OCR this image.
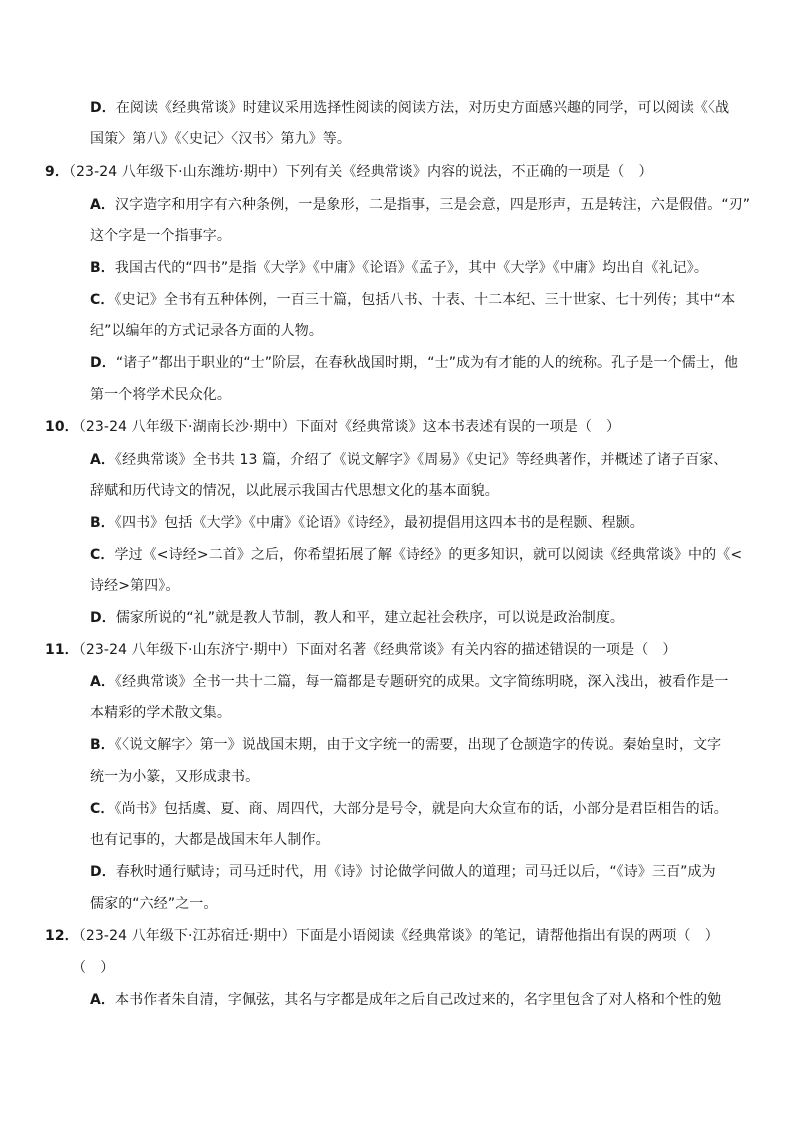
D．在阅读《经典常谈》时建议采用选择性阅读的阅读方法，对历史方面感兴趣的同学，可以阅读《〈战
国策〉第八》《〈史记〉〈汉书〉第九》等。
9．（23-24 八年级下·山东潍坊·期中）下列有关《经典常谈》内容的说法，不正确的一项是（　）
A．汉字造字和用字有六种条例，一是象形，二是指事，三是会意，四是形声，五是转注，六是假借。“刃”
这个字是一个指事字。
B．我国古代的“四书”是指《大学》《中庸》《论语》《孟子》，其中《大学》《中庸》均出自《礼记》。
C．《史记》全书有五种体例，一百三十篇，包括八书、十表、十二本纪、三十世家、七十列传；其中“本
纪”以编年的方式记录各方面的人物。
D．“诸子”都出于职业的“士”阶层，在春秋战国时期，“士”成为有才能的人的统称。孔子是一个儒士，他
第一个将学术民众化。
10．（23-24 八年级下·湖南长沙·期中）下面对《经典常谈》这本书表述有误的一项是（　）
A．《经典常谈》全书共 13 篇，介绍了《说文解字》《周易》《史记》等经典著作，并概述了诸子百家、
辞赋和历代诗文的情况，以此展示我国古代思想文化的基本面貌。
B．《四书》包括《大学》《中庸》《论语》《诗经》，最初提倡用这四本书的是程颢、程颢。
C．学过《<诗经>二首》之后，你希望拓展了解《诗经》的更多知识，就可以阅读《经典常谈》中的《<
诗经>第四》。
D．儒家所说的“礼”就是教人节制，教人和平，建立起社会秩序，可以说是政治制度。
11．（23-24 八年级下·山东济宁·期中）下面对名著《经典常谈》有关内容的描述错误的一项是（　）
A．《经典常谈》全书一共十二篇，每一篇都是专题研究的成果。文字简练明晓，深入浅出，被看作是一
本精彩的学术散文集。
B．《〈说文解字〉第一》说战国末期，由于文字统一的需要，出现了仓颉造字的传说。秦始皇时，文字
统一为小篆，又形成隶书。
C．《尚书》包括虞、夏、商、周四代，大部分是号令，就是向大众宣布的话，小部分是君臣相告的话。
也有记事的，大都是战国末年人制作。
D．春秋时通行赋诗；司马迁时代，用《诗》讨论做学问做人的道理；司马迁以后，“《诗》三百”成为
儒家的“六经”之一。
12．（23-24 八年级下·江苏宿迁·期中）下面是小语阅读《经典常谈》的笔记，请帮他指出有误的两项（　）
（　）
A．本书作者朱自清，字佩弦，其名与字都是成年之后自己改过来的，名字里包含了对人格和个性的勉
